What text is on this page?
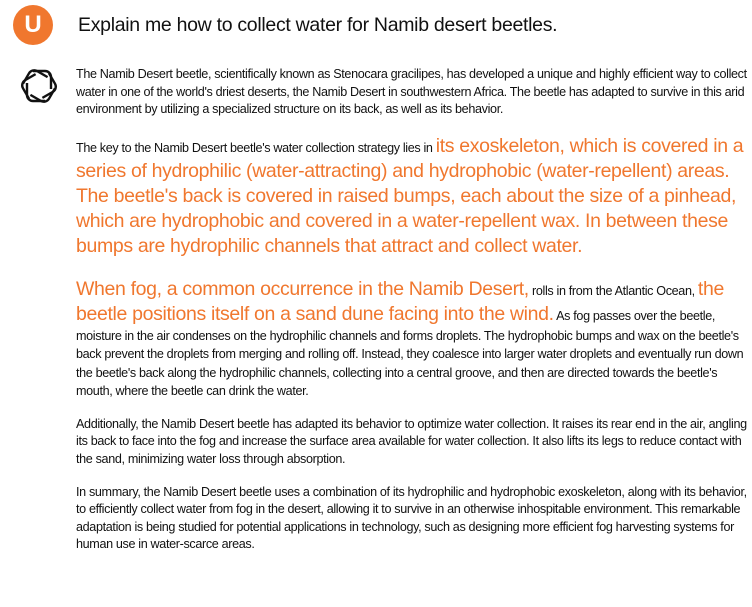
U Explain me how to collect water for Namib desert beetles.

The Namib Desert beetle, scientifically known as Stenocara gracilipes, has developed a unique and highly efficient way to collect water in one of the world's driest deserts, the Namib Desert in southwestern Africa. The beetle has adapted to survive in this arid environment by utilizing a specialized structure on its back, as well as its behavior.

The key to the Namib Desert beetle's water collection strategy lies in its exoskeleton, which is covered in a series of hydrophilic (water-attracting) and hydrophobic (water-repellent) areas. The beetle's back is covered in raised bumps, each about the size of a pinhead, which are hydrophobic and covered in a water-repellent wax. In between these bumps are hydrophilic channels that attract and collect water.

When fog, a common occurrence in the Namib Desert, rolls in from the Atlantic Ocean, the beetle positions itself on a sand dune facing into the wind. As fog passes over the beetle, moisture in the air condenses on the hydrophilic channels and forms droplets. The hydrophobic bumps and wax on the beetle's back prevent the droplets from merging and rolling off. Instead, they coalesce into larger water droplets and eventually run down the beetle's back along the hydrophilic channels, collecting into a central groove, and then are directed towards the beetle's mouth, where the beetle can drink the water.

Additionally, the Namib Desert beetle has adapted its behavior to optimize water collection. It raises its rear end in the air, angling its back to face into the fog and increase the surface area available for water collection. It also lifts its legs to reduce contact with the sand, minimizing water loss through absorption.

In summary, the Namib Desert beetle uses a combination of its hydrophilic and hydrophobic exoskeleton, along with its behavior, to efficiently collect water from fog in the desert, allowing it to survive in an otherwise inhospitable environment. This remarkable adaptation is being studied for potential applications in technology, such as designing more efficient fog harvesting systems for human use in water-scarce areas.
